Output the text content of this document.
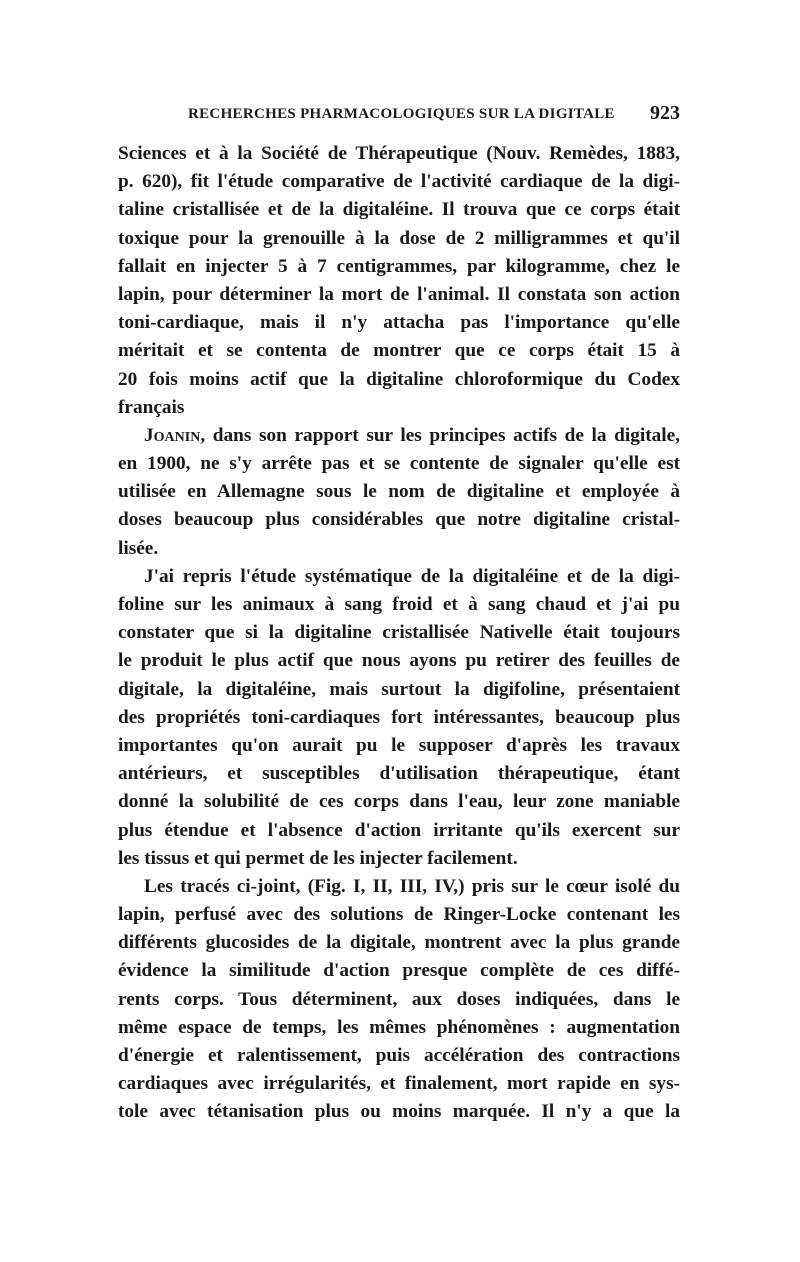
RECHERCHES PHARMACOLOGIQUES SUR LA DIGITALE 923
Sciences et à la Société de Thérapeutique (Nouv. Remèdes, 1883,
p. 620), fit l'étude comparative de l'activité cardiaque de la digi-
taline cristallisée et de la digitaléine. Il trouva que ce corps était
toxique pour la grenouille à la dose de 2 milligrammes et qu'il
fallait en injecter 5 à 7 centigrammes, par kilogramme, chez le
lapin, pour déterminer la mort de l'animal. Il constata son action
toni-cardiaque, mais il n'y attacha pas l'importance qu'elle
méritait et se contenta de montrer que ce corps était 15 à
20 fois moins actif que la digitaline chloroformique du Codex
français
Joanin, dans son rapport sur les principes actifs de la digitale,
en 1900, ne s'y arrête pas et se contente de signaler qu'elle est
utilisée en Allemagne sous le nom de digitaline et employée à
doses beaucoup plus considérables que notre digitaline cristal-
lisée.
J'ai repris l'étude systématique de la digitaléine et de la digi-
foline sur les animaux à sang froid et à sang chaud et j'ai pu
constater que si la digitaline cristallisée Nativelle était toujours
le produit le plus actif que nous ayons pu retirer des feuilles de
digitale, la digitaléine, mais surtout la digifoline, présentaient
des propriétés toni-cardiaques fort intéressantes, beaucoup plus
importantes qu'on aurait pu le supposer d'après les travaux
antérieurs, et susceptibles d'utilisation thérapeutique, étant
donné la solubilité de ces corps dans l'eau, leur zone maniable
plus étendue et l'absence d'action irritante qu'ils exercent sur
les tissus et qui permet de les injecter facilement.
Les tracés ci-joint, (Fig. I, II, III, IV,) pris sur le cœur isolé du
lapin, perfusé avec des solutions de Ringer-Locke contenant les
différents glucosides de la digitale, montrent avec la plus grande
évidence la similitude d'action presque complète de ces diffé-
rents corps. Tous déterminent, aux doses indiquées, dans le
même espace de temps, les mêmes phénomènes : augmentation
d'énergie et ralentissement, puis accélération des contractions
cardiaques avec irrégularités, et finalement, mort rapide en sys-
tole avec tétanisation plus ou moins marquée. Il n'y a que la
